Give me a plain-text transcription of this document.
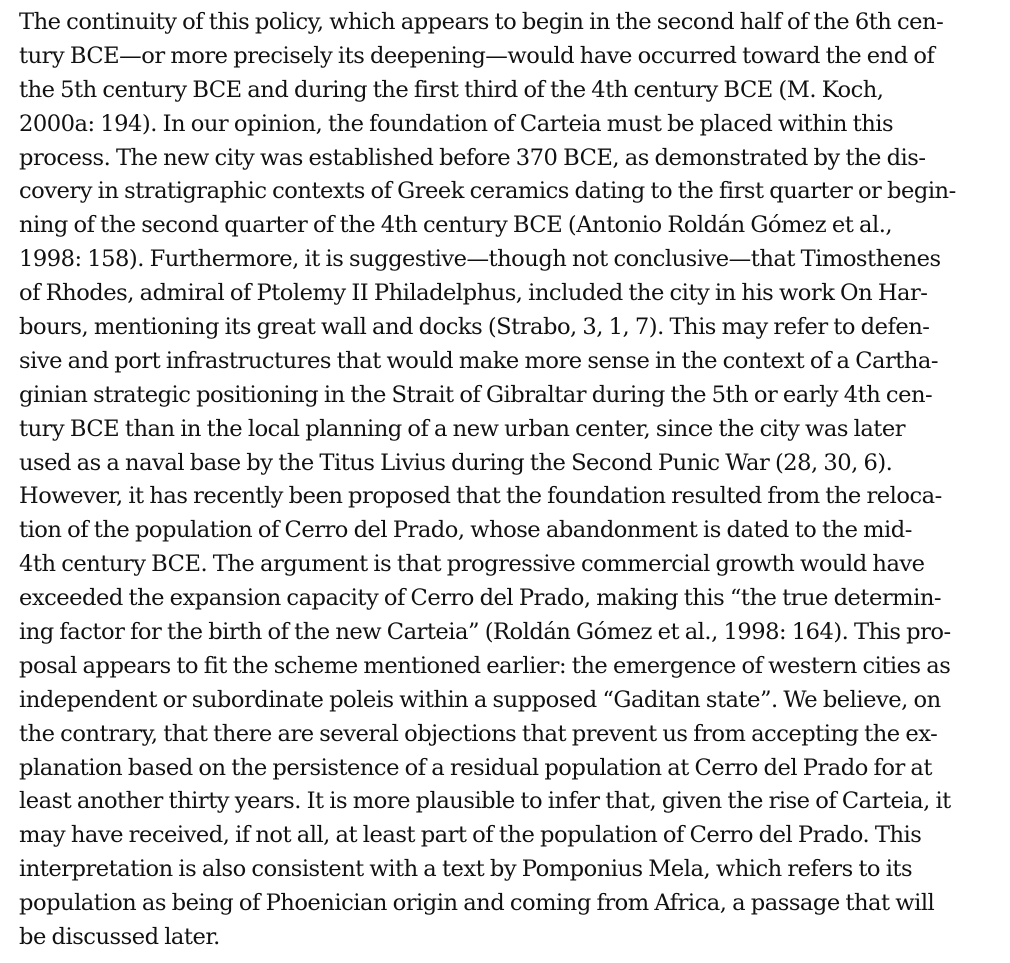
The continuity of this policy, which appears to begin in the second half of the 6th cen-
tury BCE—or more precisely its deepening—would have occurred toward the end of
the 5th century BCE and during the first third of the 4th century BCE (M. Koch,
2000a: 194). In our opinion, the foundation of Carteia must be placed within this
process. The new city was established before 370 BCE, as demonstrated by the dis-
covery in stratigraphic contexts of Greek ceramics dating to the first quarter or begin-
ning of the second quarter of the 4th century BCE (Antonio Roldán Gómez et al.,
1998: 158). Furthermore, it is suggestive—though not conclusive—that Timosthenes
of Rhodes, admiral of Ptolemy II Philadelphus, included the city in his work On Har-
bours, mentioning its great wall and docks (Strabo, 3, 1, 7). This may refer to defen-
sive and port infrastructures that would make more sense in the context of a Cartha-
ginian strategic positioning in the Strait of Gibraltar during the 5th or early 4th cen-
tury BCE than in the local planning of a new urban center, since the city was later
used as a naval base by the Titus Livius during the Second Punic War (28, 30, 6).
However, it has recently been proposed that the foundation resulted from the reloca-
tion of the population of Cerro del Prado, whose abandonment is dated to the mid-
4th century BCE. The argument is that progressive commercial growth would have
exceeded the expansion capacity of Cerro del Prado, making this “the true determin-
ing factor for the birth of the new Carteia” (Roldán Gómez et al., 1998: 164). This pro-
posal appears to fit the scheme mentioned earlier: the emergence of western cities as
independent or subordinate poleis within a supposed “Gaditan state”. We believe, on
the contrary, that there are several objections that prevent us from accepting the ex-
planation based on the persistence of a residual population at Cerro del Prado for at
least another thirty years. It is more plausible to infer that, given the rise of Carteia, it
may have received, if not all, at least part of the population of Cerro del Prado. This
interpretation is also consistent with a text by Pomponius Mela, which refers to its
population as being of Phoenician origin and coming from Africa, a passage that will
be discussed later.
